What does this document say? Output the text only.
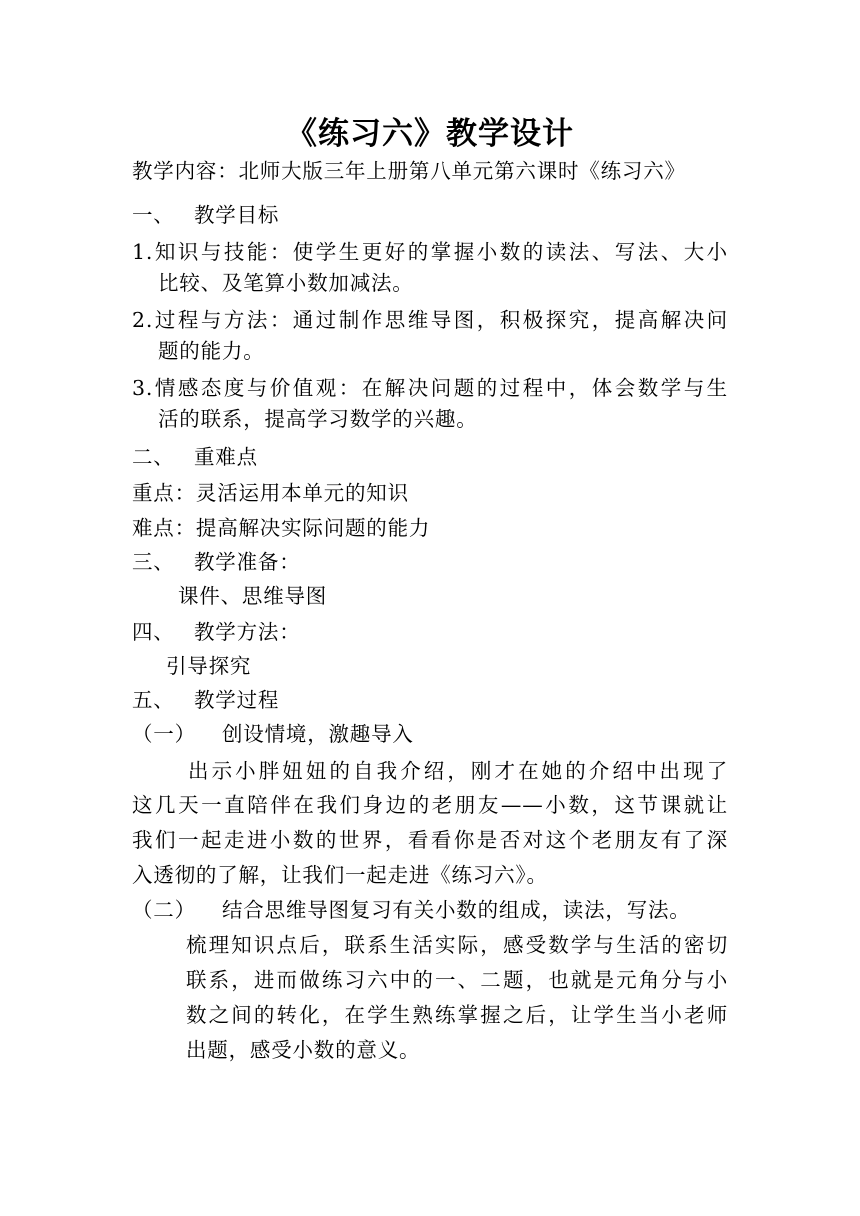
《练习六》教学设计
教学内容：北师大版三年上册第八单元第六课时《练习六》
一、 教学目标
1.知识与技能：使学生更好的掌握小数的读法、写法、大小
比较、及笔算小数加减法。
2.过程与方法：通过制作思维导图，积极探究，提高解决问
题的能力。
3.情感态度与价值观：在解决问题的过程中，体会数学与生
活的联系，提高学习数学的兴趣。
二、 重难点
重点：灵活运用本单元的知识
难点：提高解决实际问题的能力
三、 教学准备：
课件、思维导图
四、 教学方法：
引导探究
五、 教学过程
（一） 创设情境，激趣导入
出示小胖妞妞的自我介绍，刚才在她的介绍中出现了
这几天一直陪伴在我们身边的老朋友——小数，这节课就让
我们一起走进小数的世界，看看你是否对这个老朋友有了深
入透彻的了解，让我们一起走进《练习六》。
（二） 结合思维导图复习有关小数的组成，读法，写法。
梳理知识点后，联系生活实际，感受数学与生活的密切
联系，进而做练习六中的一、二题，也就是元角分与小
数之间的转化，在学生熟练掌握之后，让学生当小老师
出题，感受小数的意义。
